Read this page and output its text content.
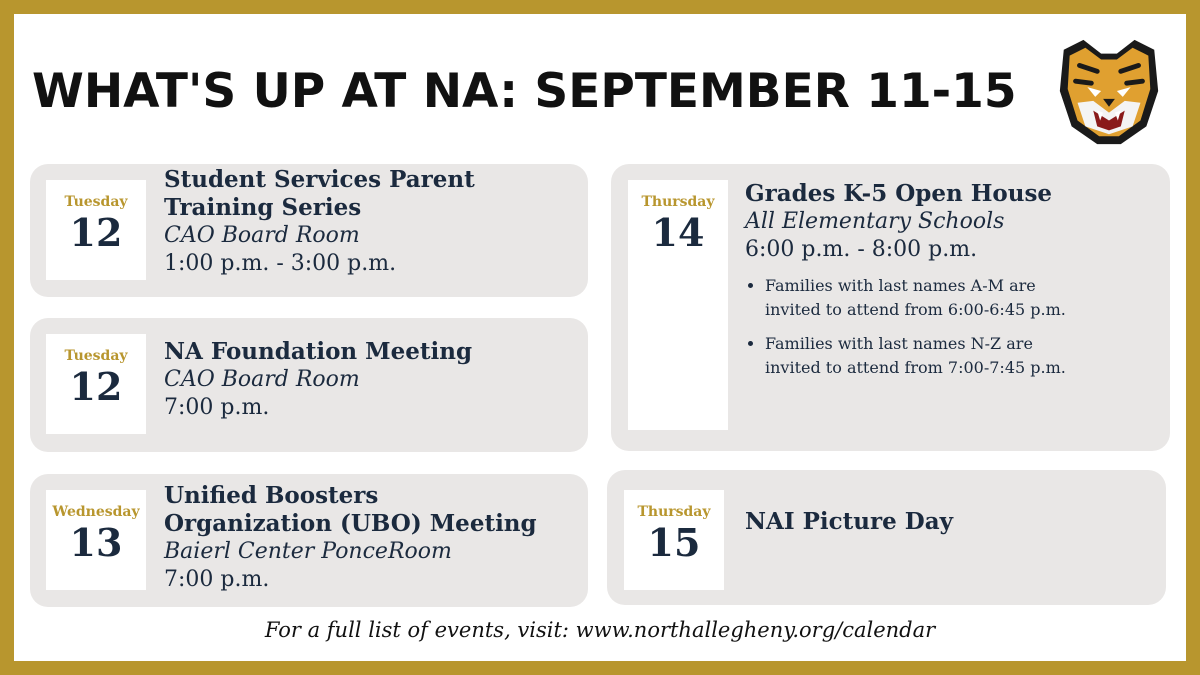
WHAT'S UP AT NA: SEPTEMBER 11-15
Tuesday
12
Student Services Parent
Training Series
CAO Board Room
1:00 p.m. - 3:00 p.m.
Tuesday
12
NA Foundation Meeting
CAO Board Room
7:00 p.m.
Wednesday
13
Unified Boosters
Organization (UBO) Meeting
Baierl Center PonceRoom
7:00 p.m.
Thursday
14
Grades K-5 Open House
All Elementary Schools
6:00 p.m. - 8:00 p.m.
• Families with last names A-M are
invited to attend from 6:00-6:45 p.m.
• Families with last names N-Z are
invited to attend from 7:00-7:45 p.m.
Thursday
15 NAI Picture Day
For a full list of events, visit: www.northallegheny.org/calendar
